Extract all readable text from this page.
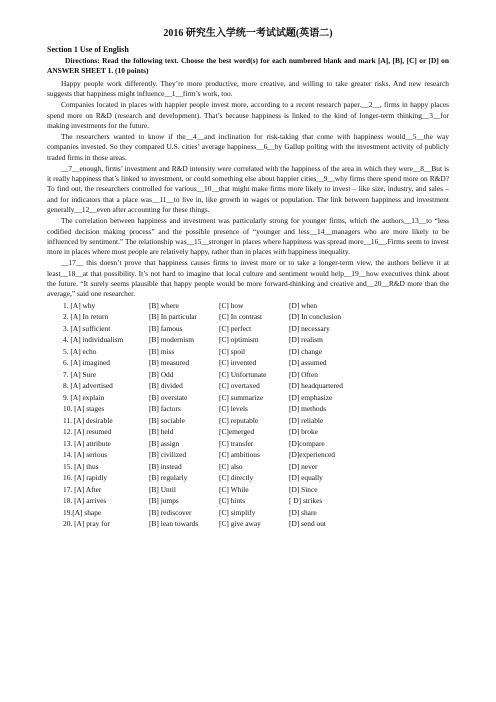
2016 研究生入学统一考试试题(英语二)
Section 1 Use of English
Directions: Read the following text. Choose the best word(s) for each numbered blank and mark [A], [B], [C] or [D] on ANSWER SHEET 1. (10 points)

Happy people work differently. They’re more productive, more creative, and willing to take greater risks. And new research suggests that happiness might influence__1__firm’s work, too.

Companies located in places with happier people invest more, according to a recent research paper.__2__, firms in happy places spend more on R&D (research and development). That’s because happiness is linked to the kind of longer-term thinking__3__for making investments for the future.

The researchers wanted to know if the__4__and inclination for risk-taking that come with happiness would__5__the way companies invested. So they compared U.S. cities’ average happiness__6__by Gallup polling with the investment activity of publicly traded firms in those areas.

__7__enough, firms’ investment and R&D intensity were correlated with the happiness of the area in which they were__8__But is it really happiness that’s linked to investment, or could something else about happier cities__9__why firms there spend more on R&D? To find out, the researchers controlled for various__10__that might make firms more likely to invest – like size, industry, and sales – and for indicators that a place was__11__to live in, like growth in wages or population. The link between happiness and investment generally__12__even after accounting for these things.

The correlation between happiness and investment was particularly strong for younger firms, which the authors__13__to “less codified decision making process” and the possible presence of “younger and less__14__managers who are more likely to be influenced by sentiment.” The relationship was__15__stronger in places where happiness was spread more__16__.Firms seem to invest more in places where most people are relatively happy, rather than in places with happiness inequality.

__17__ this doesn’t prove that happiness causes firms to invest more or to take a longer-term view, the authors believe it at least__18__at that possibility. It’s not hard to imagine that local culture and sentiment would help__19__how executives think about the future. “It surely seems plausible that happy people would be more forward-thinking and creative and__20__R&D more than the average,” said one researcher.

1. [A] why	[B] where	[C] how	[D] when
2. [A] In return	[B] In particular	[C] In contrast	[D] In conclusion
3. [A] sufficient	[B] famous	[C] perfect	[D] necessary
4. [A] individualism	[B] modernism	[C] optimism	[D] realism
5. [A] echo	[B] miss	[C] spoil	[D] change
6. [A] imagined	[B] measured	[C] invented	[D] assumed
7. [A] Sure	[B] Odd	[C] Unfortunate	[D] Often
8. [A] advertised	[B] divided	[C] overtaxed	[D] headquartered
9. [A] explain	[B] overstate	[C] summarize	[D] emphasize
10. [A] stages	[B] factors	[C] levels	[D] methods
11. [A] desirable	[B] sociable	[C] reputable	[D] reliable
12. [A] resumed	[B] held	[C]emerged	[D] broke
13. [A] attribute	[B] assign	[C] transfer	[D]compare
14. [A] serious	[B] civilized	[C] ambitious	[D]experienced
15. [A] thus	[B] instead	[C] also	[D] never
16. [A] rapidly	[B] regularly	[C] directly	[D] equally
17. [A] After	[B] Until	[C] While	[D] Since
18. [A] arrives	[B] jumps	[C] hints	[ D] strikes
19.[A] shape	[B] rediscover	[C] simplify	[D] share
20. [A] pray for	[B] lean towards	[C] give away	[D] send out
